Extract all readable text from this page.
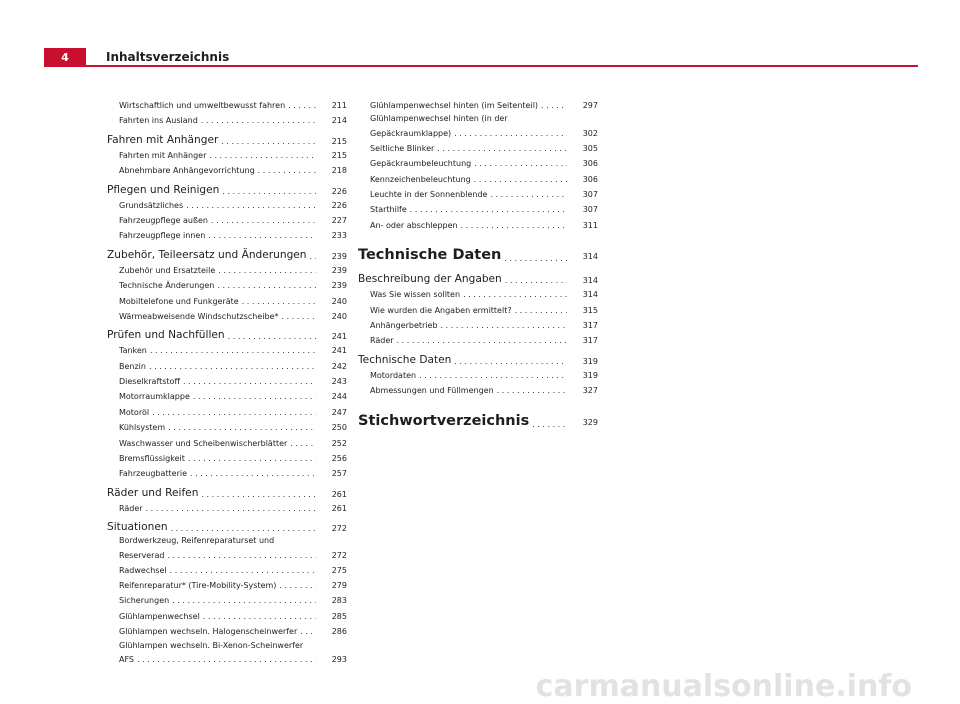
4	Inhaltsverzeichnis
Wirtschaftlich und umweltbewusst fahren . . .	211
Fahrten ins Ausland . . .	214
Fahren mit Anhänger . . .	215
Fahrten mit Anhänger . . .	215
Abnehmbare Anhängevorrichtung . . .	218
Pflegen und Reinigen . . .	226
Grundsätzliches . . .	226
Fahrzeugpflege außen . . .	227
Fahrzeugpflege innen . . .	233
Zubehör, Teileersatz und Änderungen . . .	239
Zubehör und Ersatzteile . . .	239
Technische Änderungen . . .	239
Mobiltelefone und Funkgeräte . . .	240
Wärmeabweisende Windschutzscheibe* . . .	240
Prüfen und Nachfüllen . . .	241
Tanken . . .	241
Benzin . . .	242
Dieselkraftstoff . . .	243
Motorraumklappe . . .	244
Motoröl . . .	247
Kühlsystem . . .	250
Waschwasser und Scheibenwischerblätter . . .	252
Bremsflüssigkeit . . .	256
Fahrzeugbatterie . . .	257
Räder und Reifen . . .	261
Räder . . .	261
Situationen . . .	272
Bordwerkzeug, Reifenreparaturset und
Reserverad . . .	272
Radwechsel . . .	275
Reifenreparatur* (Tire-Mobility-System) . . .	279
Sicherungen . . .	283
Glühlampenwechsel . . .	285
Glühlampen wechseln. Halogenscheinwerfer . . .	286
Glühlampen wechseln. Bi-Xenon-Scheinwerfer
AFS . . .	293
Glühlampenwechsel hinten (im Seitenteil) . . .	297
Glühlampenwechsel hinten (in der
Gepäckraumklappe) . . .	302
Seitliche Blinker . . .	305
Gepäckraumbeleuchtung . . .	306
Kennzeichenbeleuchtung . . .	306
Leuchte in der Sonnenblende . . .	307
Starthilfe . . .	307
An- oder abschleppen . . .	311
Technische Daten . . .	314
Beschreibung der Angaben . . .	314
Was Sie wissen sollten . . .	314
Wie wurden die Angaben ermittelt? . . .	315
Anhängerbetrieb . . .	317
Räder . . .	317
Technische Daten . . .	319
Motordaten . . .	319
Abmessungen und Füllmengen . . .	327
Stichwortverzeichnis . . .	329
carmanualsonline.info
